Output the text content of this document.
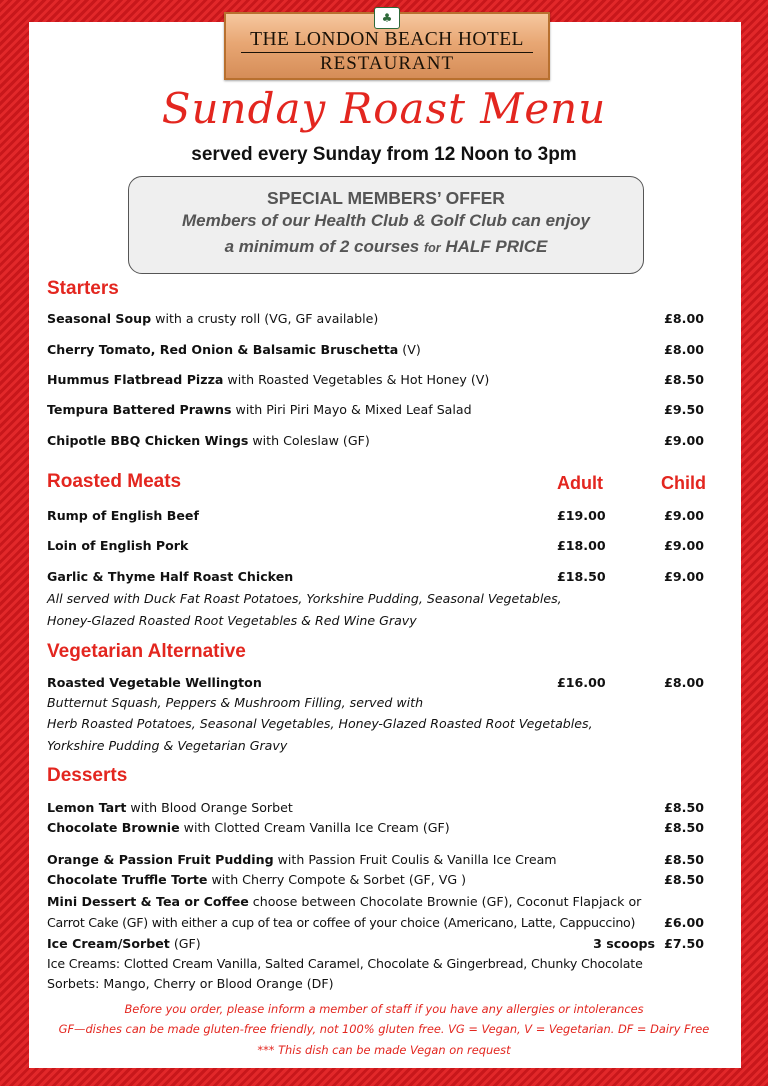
♣
THE LONDON BEACH HOTEL
RESTAURANT
Sunday Roast Menu
served every Sunday from 12 Noon to 3pm
SPECIAL MEMBERS’ OFFER
Members of our Health Club & Golf Club can enjoy
a minimum of 2 courses for HALF PRICE
Starters
Seasonal Soup with a crusty roll (VG, GF available)	£8.00
Cherry Tomato, Red Onion & Balsamic Bruschetta (V)	£8.00
Hummus Flatbread Pizza with Roasted Vegetables & Hot Honey (V)	£8.50
Tempura Battered Prawns with Piri Piri Mayo & Mixed Leaf Salad	£9.50
Chipotle BBQ Chicken Wings with Coleslaw (GF)	£9.00
Roasted Meats	Adult	Child
Rump of English Beef	£19.00	£9.00
Loin of English Pork	£18.00	£9.00
Garlic & Thyme Half Roast Chicken	£18.50	£9.00
All served with Duck Fat Roast Potatoes, Yorkshire Pudding, Seasonal Vegetables,
Honey-Glazed Roasted Root Vegetables & Red Wine Gravy
Vegetarian Alternative
Roasted Vegetable Wellington	£16.00	£8.00
Butternut Squash, Peppers & Mushroom Filling, served with
Herb Roasted Potatoes, Seasonal Vegetables, Honey-Glazed Roasted Root Vegetables,
Yorkshire Pudding & Vegetarian Gravy
Desserts
Lemon Tart with Blood Orange Sorbet	£8.50
Chocolate Brownie with Clotted Cream Vanilla Ice Cream (GF)	£8.50
Orange & Passion Fruit Pudding with Passion Fruit Coulis & Vanilla Ice Cream	£8.50
Chocolate Truffle Torte with Cherry Compote & Sorbet (GF, VG )	£8.50
Mini Dessert & Tea or Coffee choose between Chocolate Brownie (GF), Coconut Flapjack or
Carrot Cake (GF) with either a cup of tea or coffee of your choice (Americano, Latte, Cappuccino) £6.00
Ice Cream/Sorbet (GF)	3 scoops £7.50
Ice Creams: Clotted Cream Vanilla, Salted Caramel, Chocolate & Gingerbread, Chunky Chocolate
Sorbets: Mango, Cherry or Blood Orange (DF)
Before you order, please inform a member of staff if you have any allergies or intolerances
GF—dishes can be made gluten-free friendly, not 100% gluten free. VG = Vegan, V = Vegetarian. DF = Dairy Free
*** This dish can be made Vegan on request
